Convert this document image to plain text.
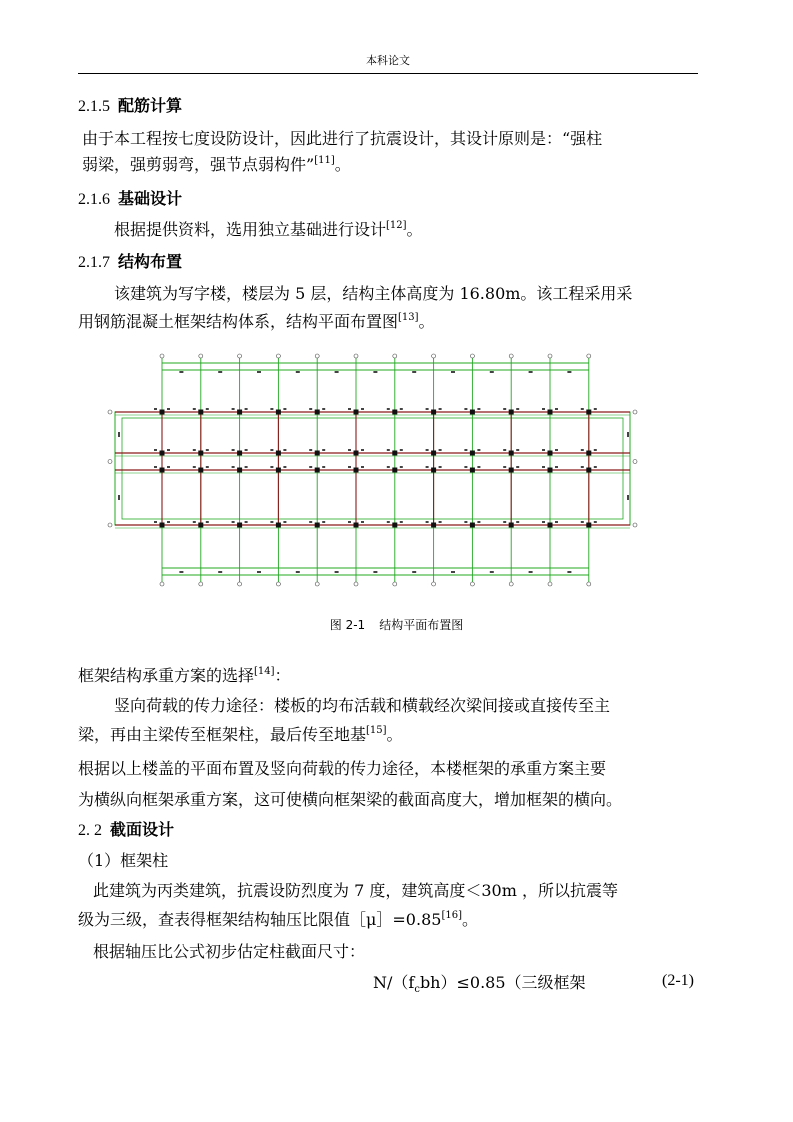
本科论文
2.1.5 配筋计算
由于本工程按七度设防设计，因此进行了抗震设计，其设计原则是：“强柱
弱梁，强剪弱弯，强节点弱构件”[11]。
2.1.6 基础设计
根据提供资料，选用独立基础进行设计[12]。
2.1.7 结构布置
该建筑为写字楼，楼层为 5 层，结构主体高度为 16.80m。该工程采用采
用钢筋混凝土框架结构体系，结构平面布置图[13]。
图 2-1 结构平面布置图
框架结构承重方案的选择[14]：
竖向荷载的传力途径：楼板的均布活载和横载经次梁间接或直接传至主
梁，再由主梁传至框架柱，最后传至地基[15]。
根据以上楼盖的平面布置及竖向荷载的传力途径，本楼框架的承重方案主要
为横纵向框架承重方案，这可使横向框架梁的截面高度大，增加框架的横向。
2. 2 截面设计
（1）框架柱
此建筑为丙类建筑，抗震设防烈度为 7 度，建筑高度＜30m ，所以抗震等
级为三级，查表得框架结构轴压比限值［μ］=0.85[16]。
根据轴压比公式初步估定柱截面尺寸：
$N/(f_cbh)\le 0.85$（三级框架	(2-1)
